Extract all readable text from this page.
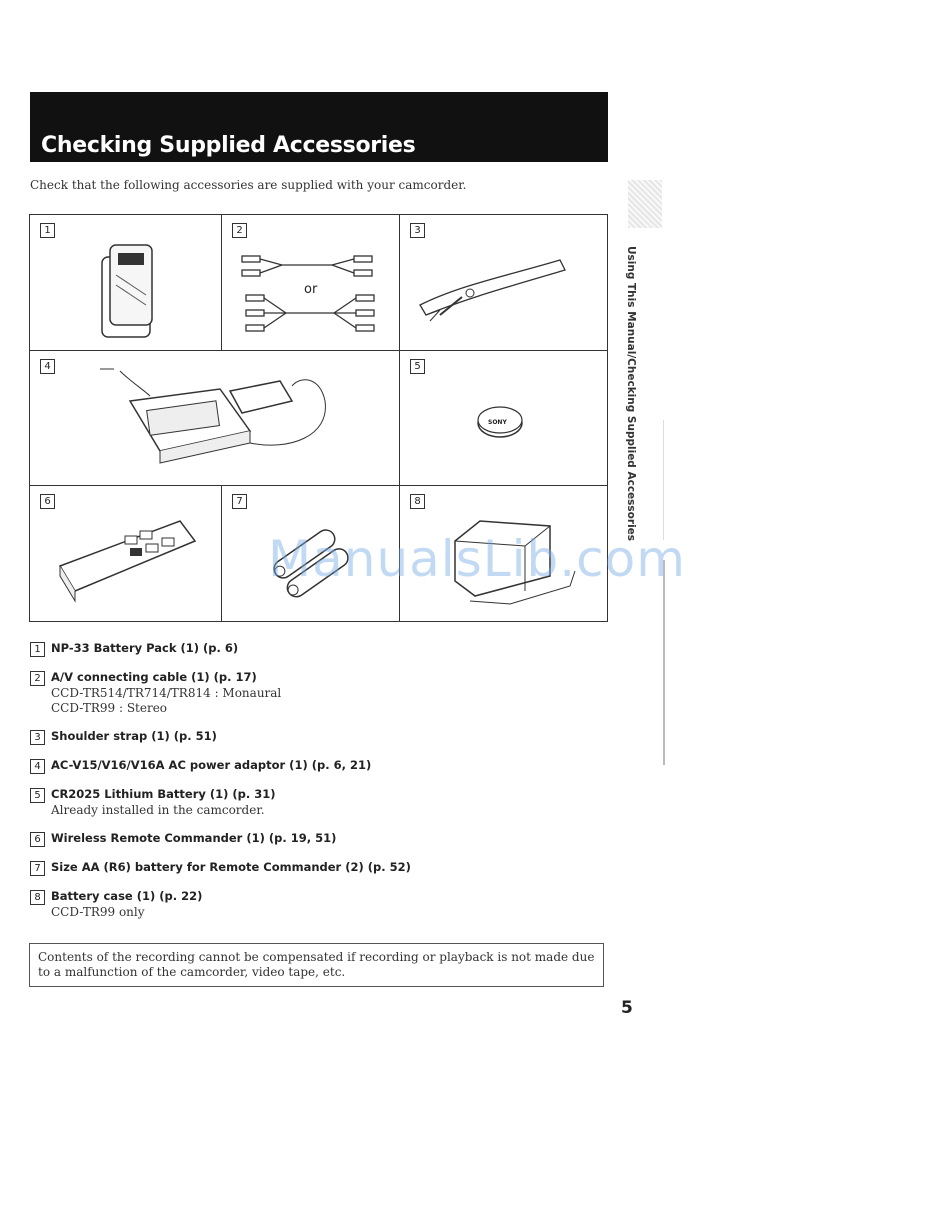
Checking Supplied Accessories
Check that the following accessories are supplied with your camcorder.
1	2
or
3
4	5
SONY
6	7	8
1 NP-33 Battery Pack (1) (p. 6)
2 A/V connecting cable (1) (p. 17)
CCD-TR514/TR714/TR814 : Monaural
CCD-TR99 : Stereo
3 Shoulder strap (1) (p. 51)
4 AC-V15/V16/V16A AC power adaptor (1) (p. 6, 21)
5 CR2025 Lithium Battery (1) (p. 31)
Already installed in the camcorder.
6 Wireless Remote Commander (1) (p. 19, 51)
7 Size AA (R6) battery for Remote Commander (2) (p. 52)
8 Battery case (1) (p. 22)
CCD-TR99 only
Contents of the recording cannot be compensated if recording or playback is not made due to a malfunction of the camcorder, video tape, etc.
Using This Manual/Checking Supplied Accessories
5
ManualsLib.com
